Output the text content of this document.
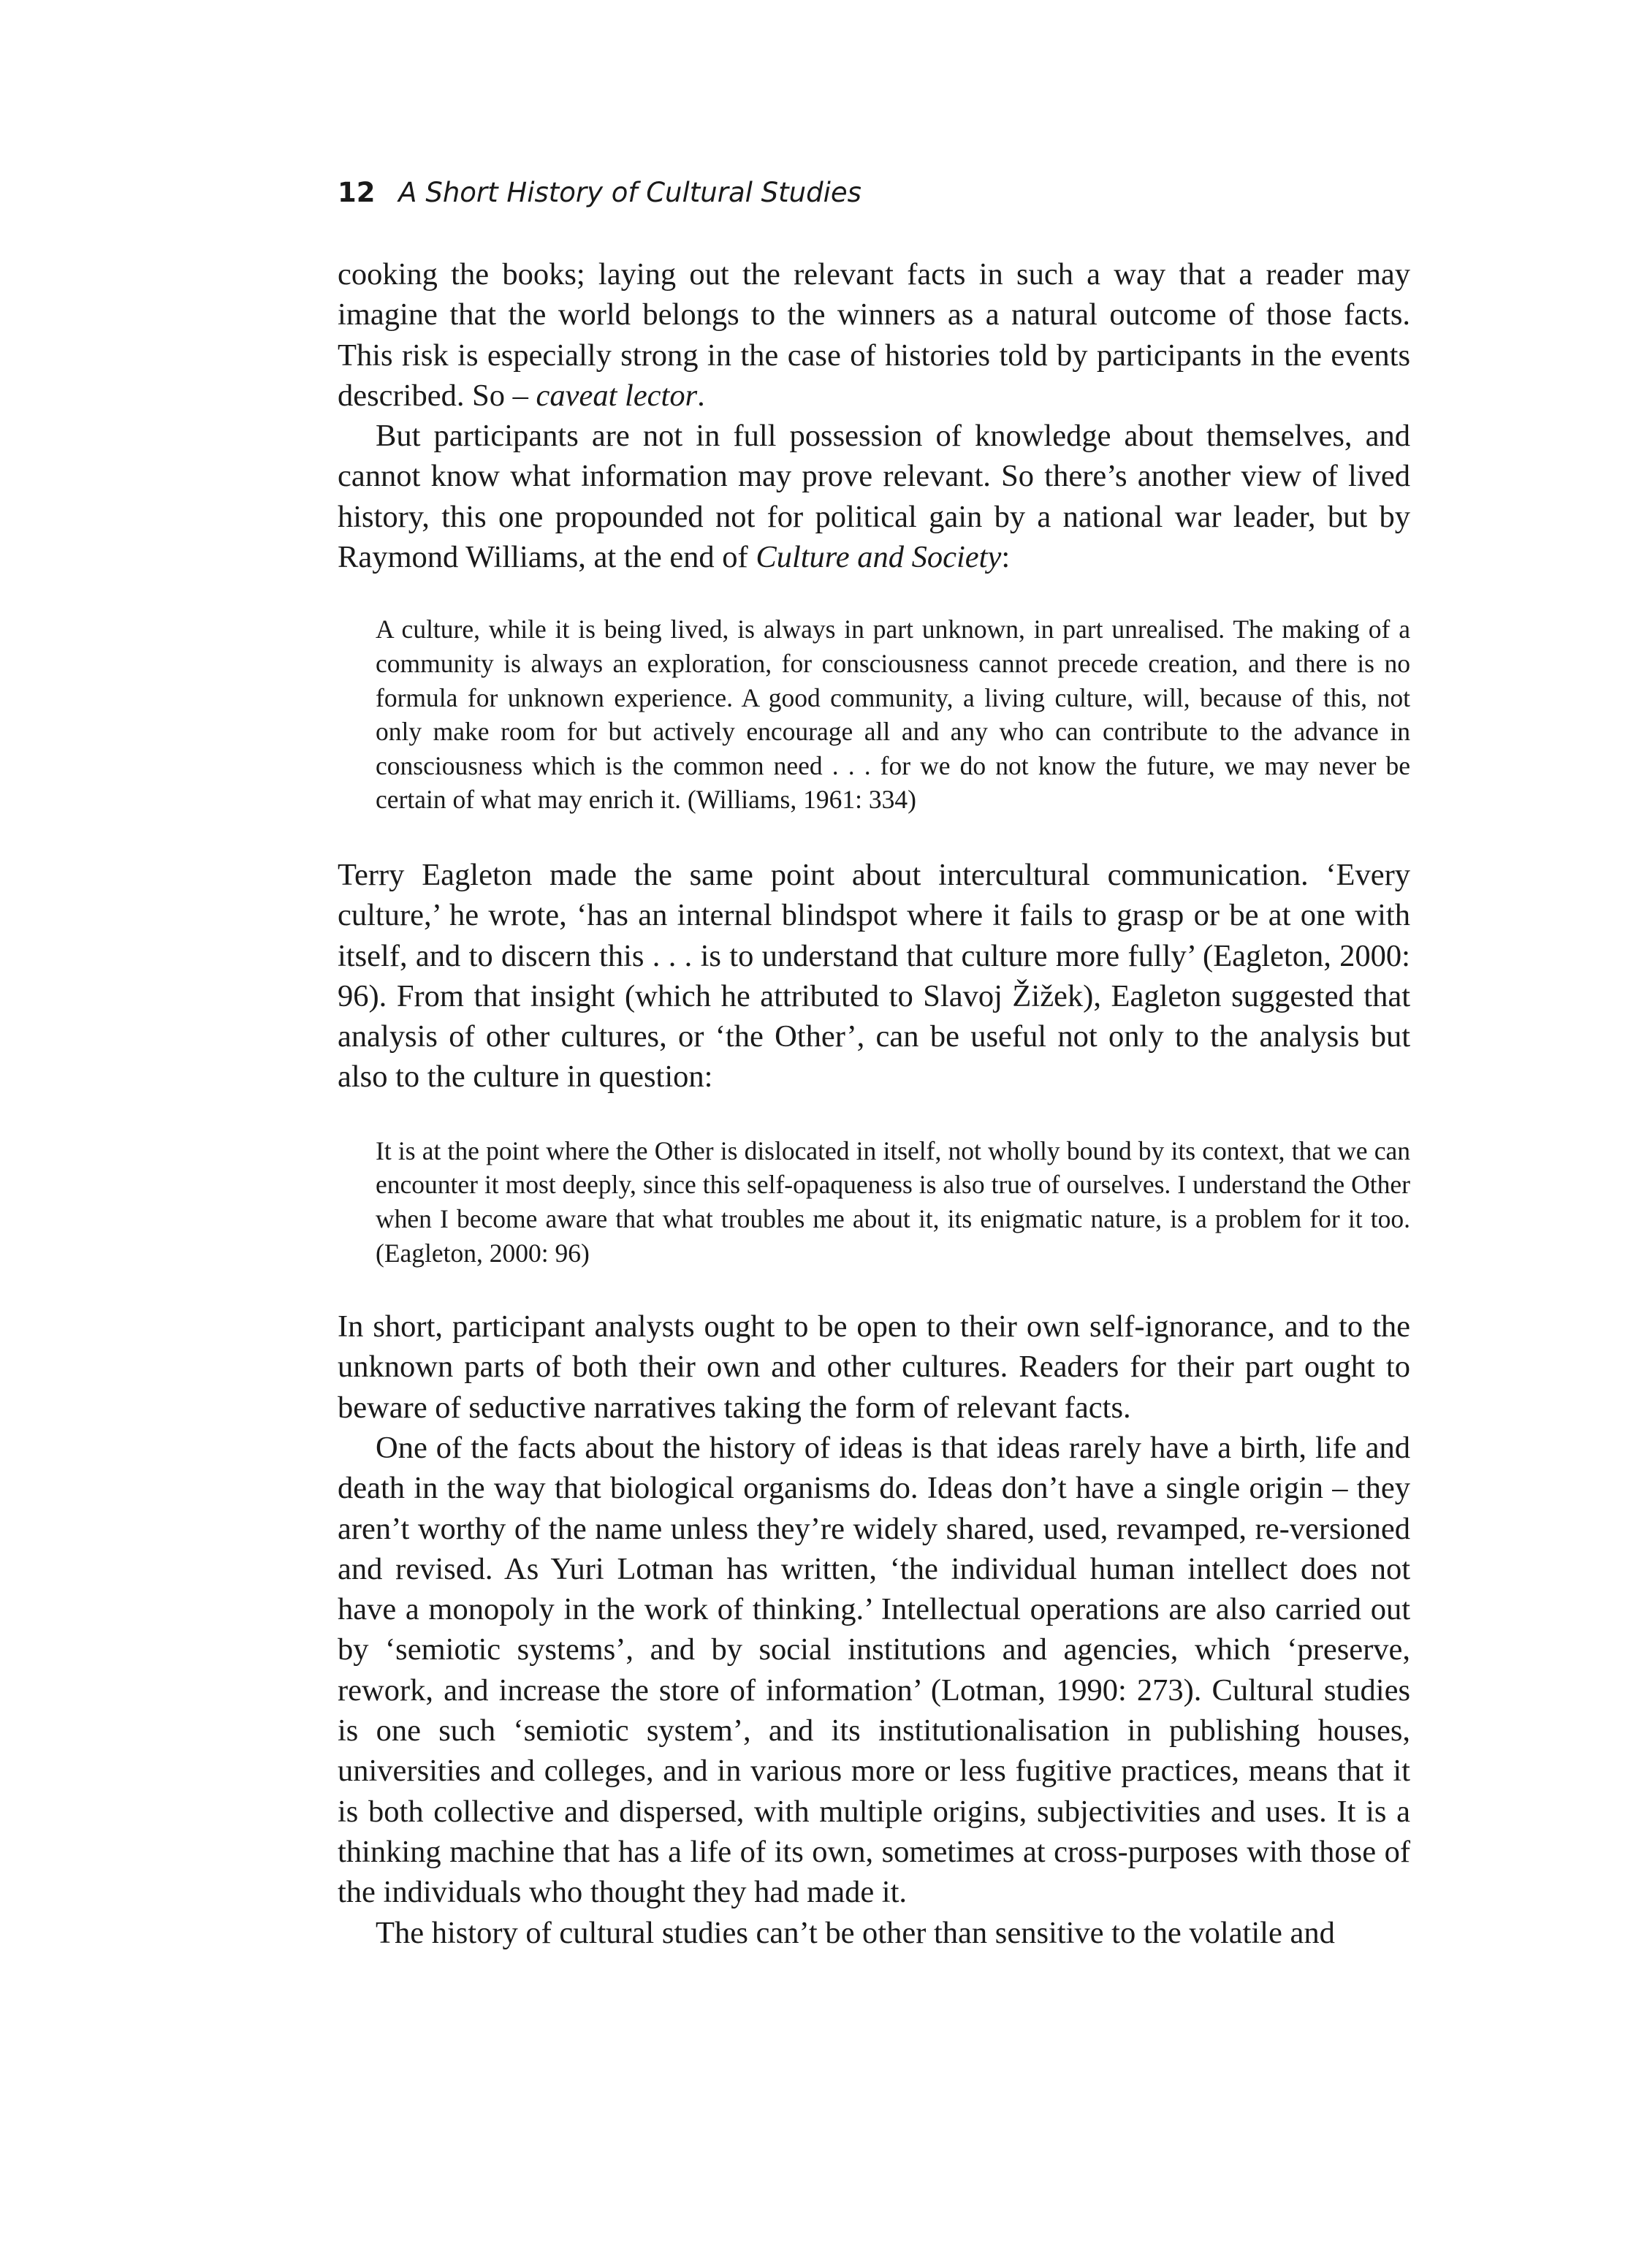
12 A Short History of Cultural Studies

cooking the books; laying out the relevant facts in such a way that a reader may imagine that the world belongs to the winners as a natural outcome of those facts. This risk is especially strong in the case of histories told by participants in the events described. So – caveat lector.

But participants are not in full possession of knowledge about themselves, and cannot know what information may prove relevant. So there’s another view of lived history, this one propounded not for political gain by a national war leader, but by Raymond Williams, at the end of Culture and Society:

A culture, while it is being lived, is always in part unknown, in part unrealised. The making of a community is always an exploration, for consciousness cannot precede creation, and there is no formula for unknown experience. A good community, a living culture, will, because of this, not only make room for but actively encourage all and any who can contribute to the advance in consciousness which is the common need . . . for we do not know the future, we may never be certain of what may enrich it. (Williams, 1961: 334)

Terry Eagleton made the same point about intercultural communication. ‘Every culture,’ he wrote, ‘has an internal blindspot where it fails to grasp or be at one with itself, and to discern this . . . is to understand that culture more fully’ (Eagleton, 2000: 96). From that insight (which he attributed to Slavoj Žižek), Eagleton suggested that analysis of other cultures, or ‘the Other’, can be useful not only to the analysis but also to the culture in question:

It is at the point where the Other is dislocated in itself, not wholly bound by its context, that we can encounter it most deeply, since this self-opaqueness is also true of ourselves. I understand the Other when I become aware that what troubles me about it, its enigmatic nature, is a problem for it too. (Eagleton, 2000: 96)

In short, participant analysts ought to be open to their own self-ignorance, and to the unknown parts of both their own and other cultures. Readers for their part ought to beware of seductive narratives taking the form of relevant facts.

One of the facts about the history of ideas is that ideas rarely have a birth, life and death in the way that biological organisms do. Ideas don’t have a single origin – they aren’t worthy of the name unless they’re widely shared, used, revamped, re-versioned and revised. As Yuri Lotman has written, ‘the individual human intellect does not have a monopoly in the work of thinking.’ Intellectual operations are also carried out by ‘semiotic systems’, and by social institutions and agencies, which ‘preserve, rework, and increase the store of information’ (Lotman, 1990: 273). Cultural studies is one such ‘semiotic system’, and its institutionalisation in publishing houses, universities and colleges, and in various more or less fugitive practices, means that it is both collective and dispersed, with multiple origins, subjectivities and uses. It is a thinking machine that has a life of its own, sometimes at cross-purposes with those of the individuals who thought they had made it.

The history of cultural studies can’t be other than sensitive to the volatile and
